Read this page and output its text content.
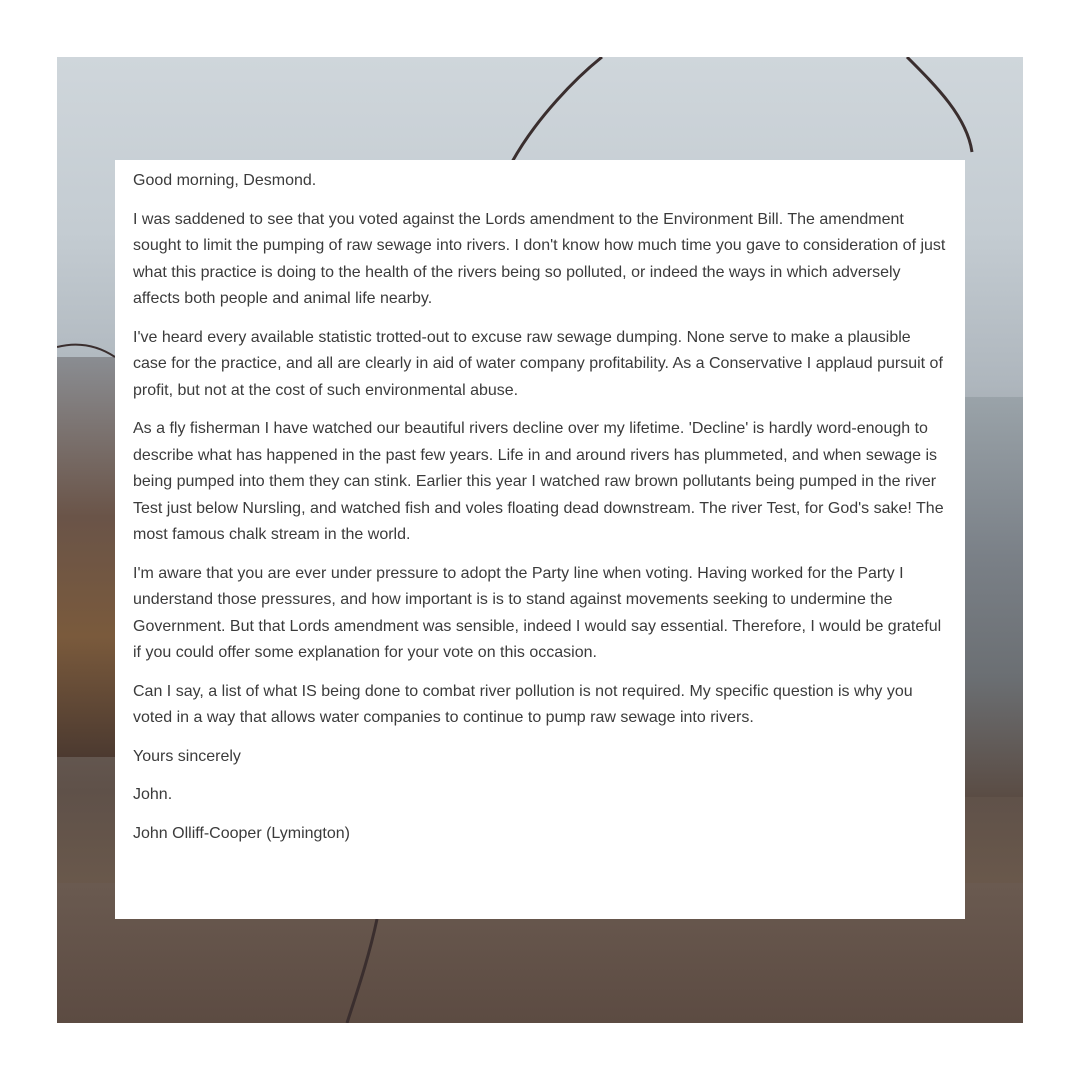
Good morning, Desmond.

I was saddened to see that you voted against the Lords amendment to the Environment Bill. The amendment sought to limit the pumping of raw sewage into rivers. I don't know how much time you gave to consideration of just what this practice is doing to the health of the rivers being so polluted, or indeed the ways in which adversely affects both people and animal life nearby.

I've heard every available statistic trotted-out to excuse raw sewage dumping. None serve to make a plausible case for the practice, and all are clearly in aid of water company profitability. As a Conservative I applaud pursuit of profit, but not at the cost of such environmental abuse.

As a fly fisherman I have watched our beautiful rivers decline over my lifetime. 'Decline' is hardly word-enough to describe what has happened in the past few years. Life in and around rivers has plummeted, and when sewage is being pumped into them they can stink. Earlier this year I watched raw brown pollutants being pumped in the river Test just below Nursling, and watched fish and voles floating dead downstream. The river Test, for God's sake! The most famous chalk stream in the world.

I'm aware that you are ever under pressure to adopt the Party line when voting. Having worked for the Party I understand those pressures, and how important is is to stand against movements seeking to undermine the Government. But that Lords amendment was sensible, indeed I would say essential. Therefore, I would be grateful if you could offer some explanation for your vote on this occasion.

Can I say, a list of what IS being done to combat river pollution is not required. My specific question is why you voted in a way that allows water companies to continue to pump raw sewage into rivers.

Yours sincerely

John.

John Olliff-Cooper (Lymington)
